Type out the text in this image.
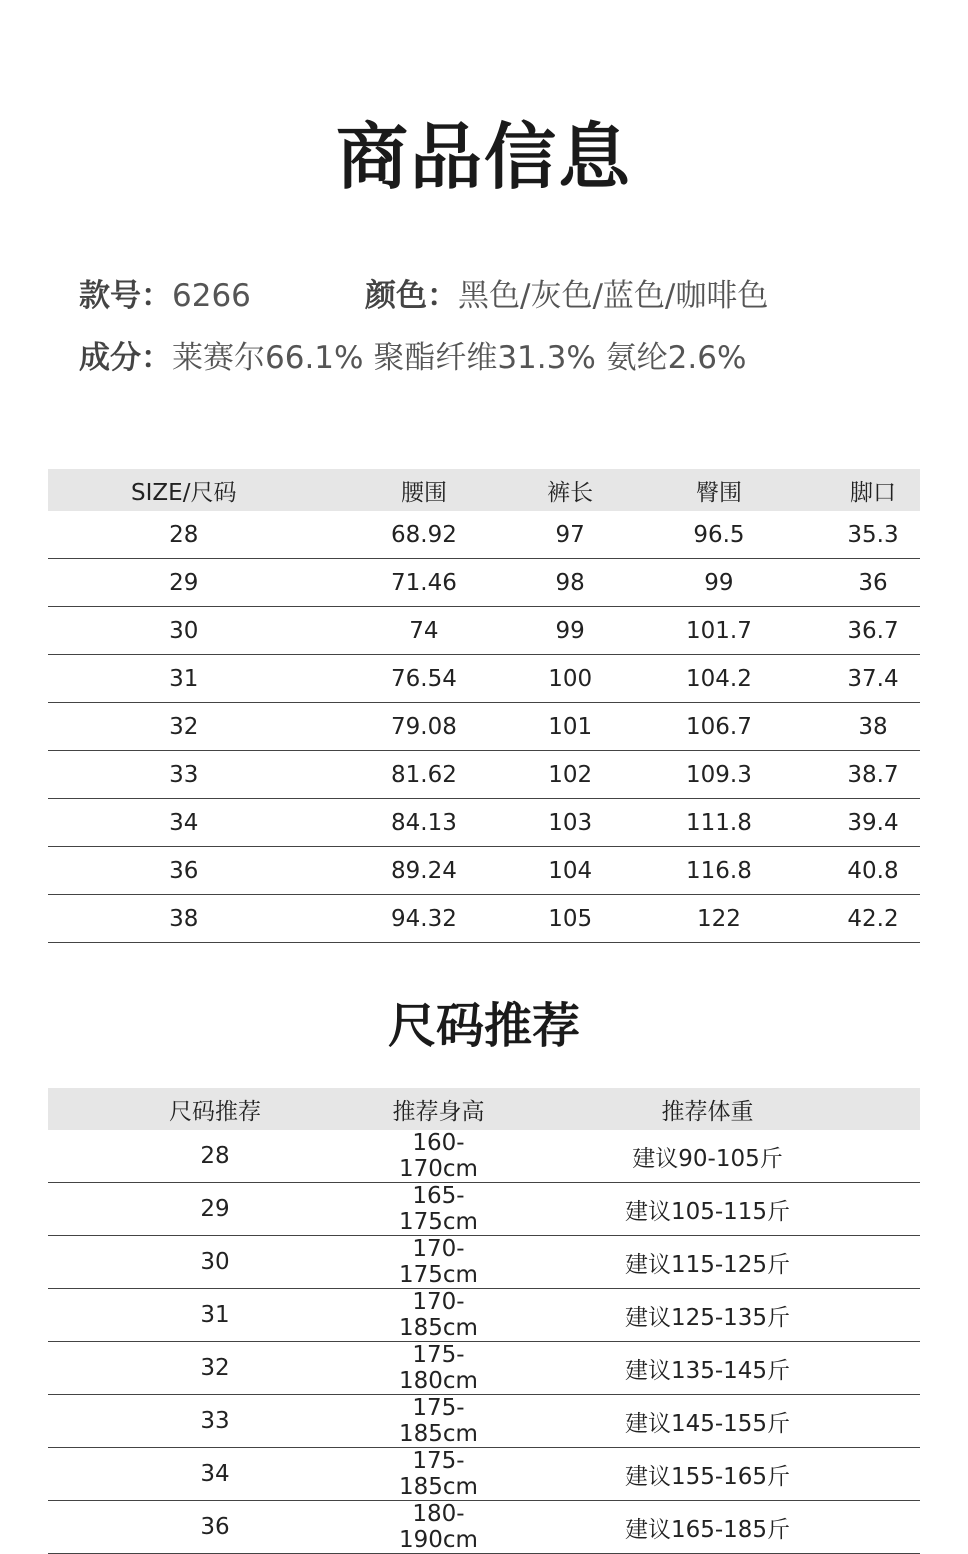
商品信息
款号：6266	颜色：黑色/灰色/蓝色/咖啡色
成分：莱赛尔66.1% 聚酯纤维31.3% 氨纶2.6%
SIZE/尺码	腰围	裤长	臀围	脚口
28	68.92	97	96.5	35.3
29	71.46	98	99	36
30	74	99	101.7	36.7
31	76.54	100	104.2	37.4
32	79.08	101	106.7	38
33	81.62	102	109.3	38.7
34	84.13	103	111.8	39.4
36	89.24	104	116.8	40.8
38	94.32	105	122	42.2
尺码推荐
尺码推荐	推荐身高	推荐体重
28	160-170cm	建议90-105斤
29	165-175cm	建议105-115斤
30	170-175cm	建议115-125斤
31	170-185cm	建议125-135斤
32	175-180cm	建议135-145斤
33	175-185cm	建议145-155斤
34	175-185cm	建议155-165斤
36	180-190cm	建议165-185斤
